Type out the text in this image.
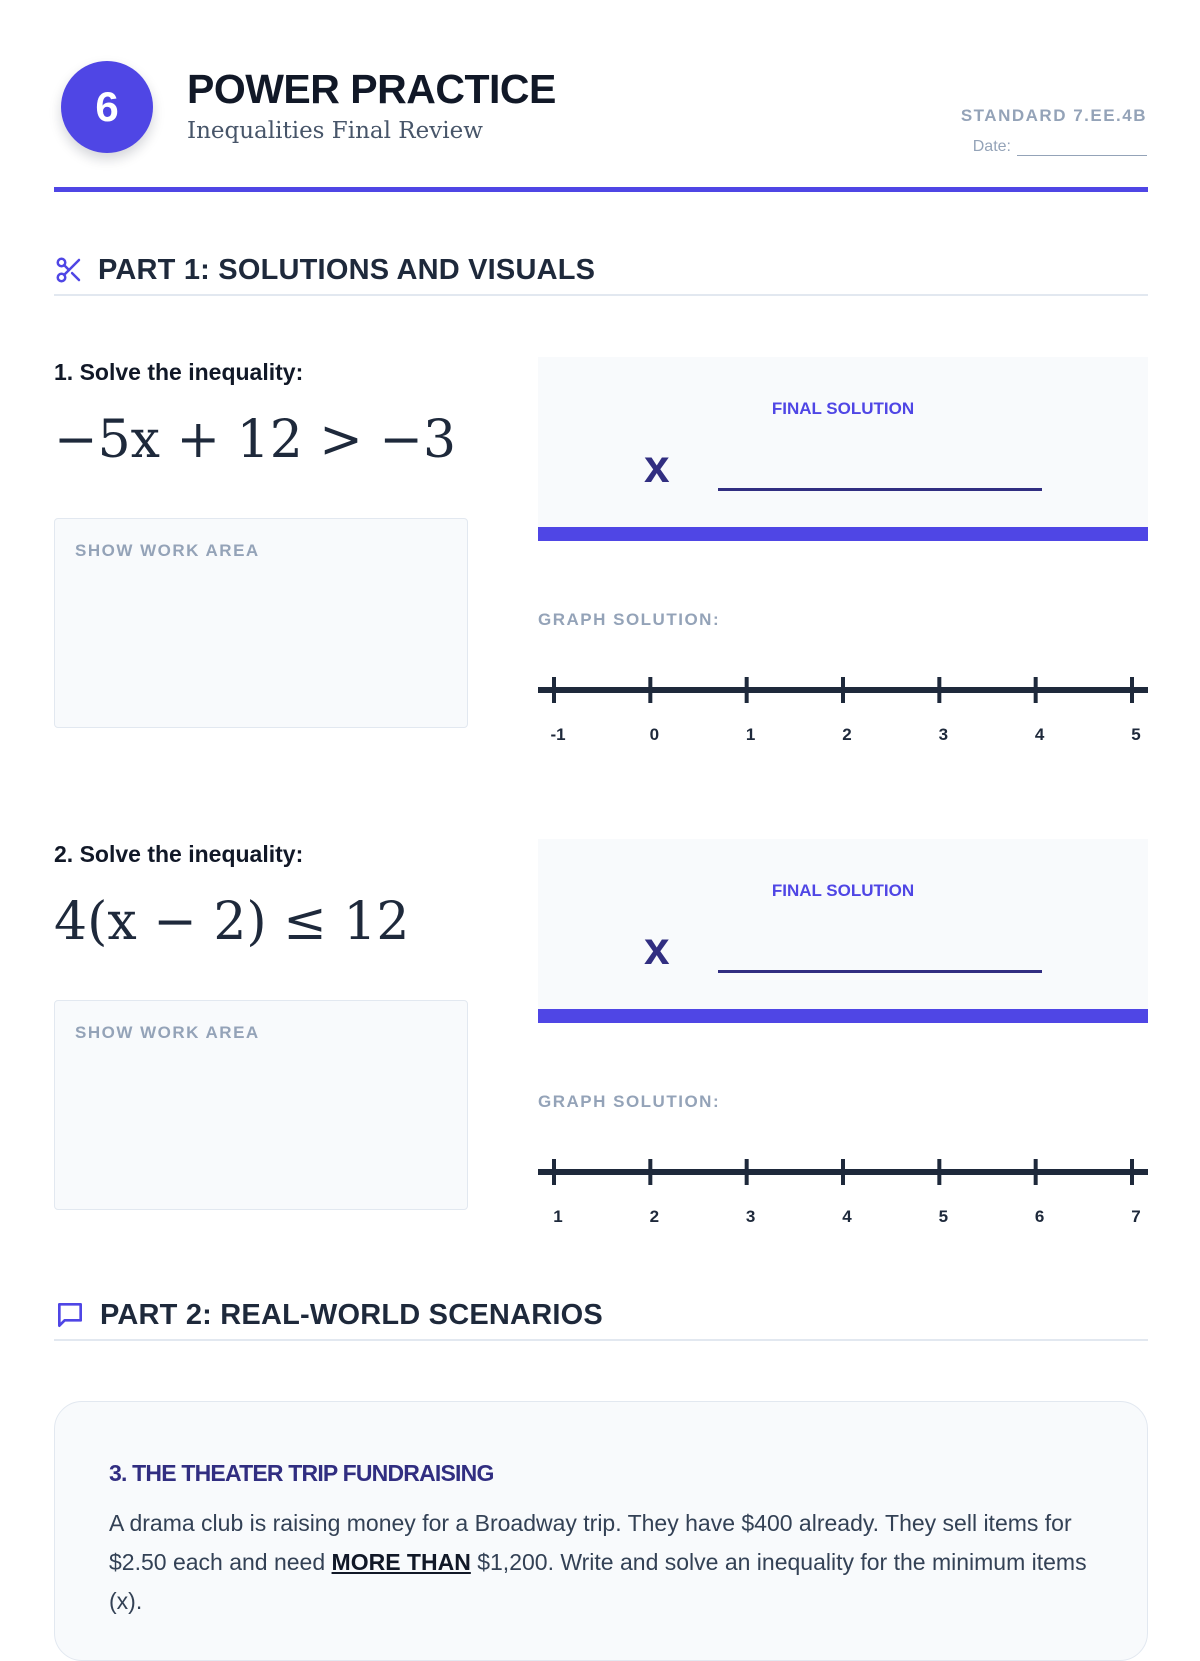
6	POWER PRACTICE
Inequalities Final Review
STANDARD 7.EE.4B
Date:
PART 1: SOLUTIONS AND VISUALS
1. Solve the inequality:
−5x + 12 > −3
SHOW WORK AREA
FINAL SOLUTION
x
GRAPH SOLUTION:
-1	0	1	2	3	4	5
2. Solve the inequality:
4(x − 2) ≤ 12
SHOW WORK AREA
FINAL SOLUTION
x
GRAPH SOLUTION:
1	2	3	4	5	6	7
PART 2: REAL-WORLD SCENARIOS
3. THE THEATER TRIP FUNDRAISING
A drama club is raising money for a Broadway trip. They have $400 already. They sell items for $2.50 each and need MORE THAN $1,200. Write and solve an inequality for the minimum items (x).
